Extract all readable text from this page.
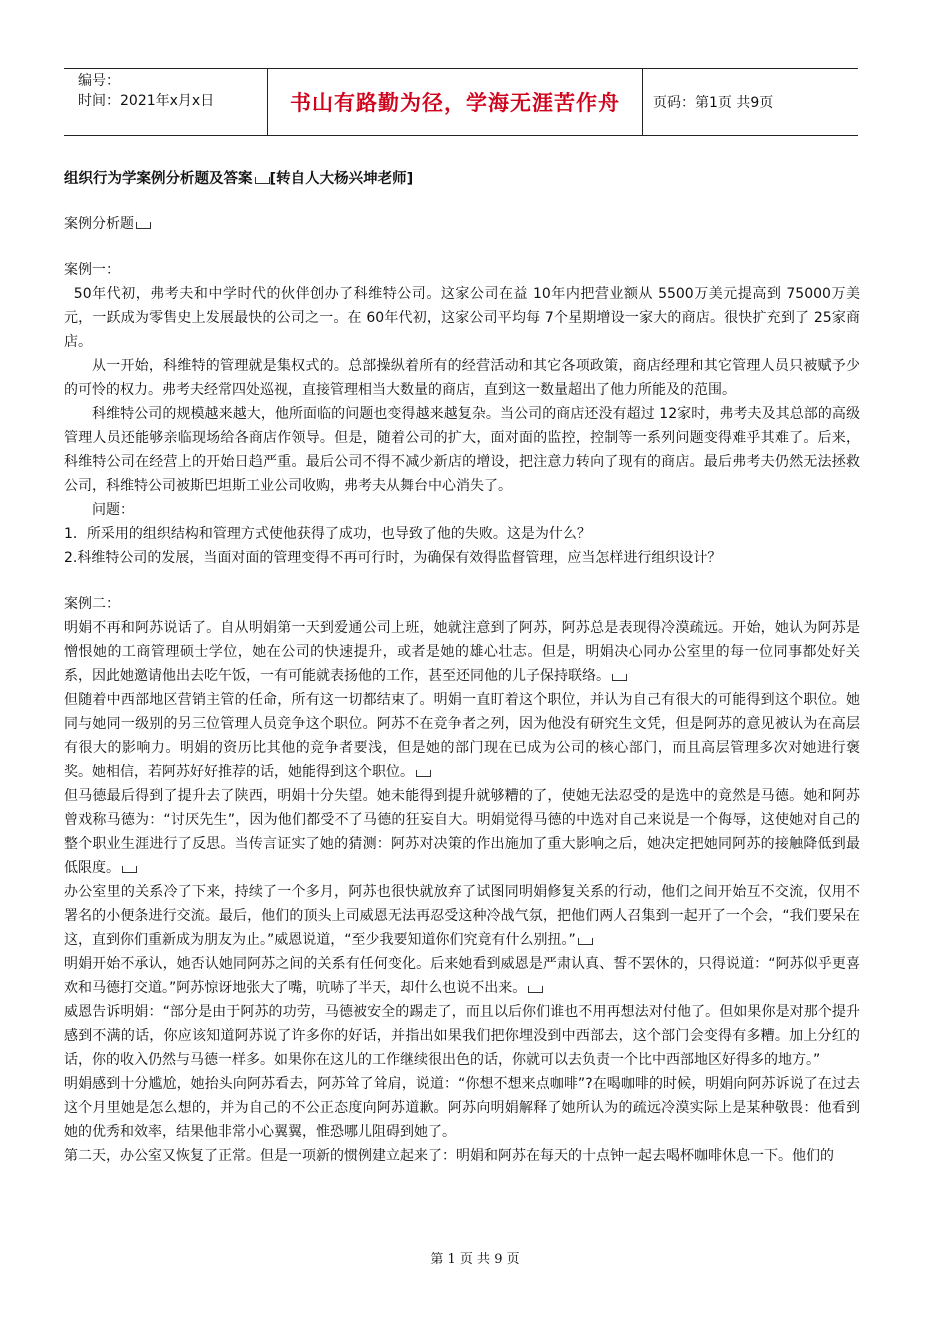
编号：
时间：2021年x月x日	书山有路勤为径，学海无涯苦作舟	页码：第1页 共9页

组织行为学案例分析题及答案 [转自人大杨兴坤老师]

案例分析题

案例一：

50年代初，弗考夫和中学时代的伙伴创办了科维特公司。这家公司在益 10年内把营业额从 5500万美元提高到 75000万美元，一跃成为零售史上发展最快的公司之一。在 60年代初，这家公司平均每 7个星期增设一家大的商店。很快扩充到了 25家商店。

从一开始，科维特的管理就是集权式的。总部操纵着所有的经营活动和其它各项政策，商店经理和其它管理人员只被赋予少的可怜的权力。弗考夫经常四处巡视，直接管理相当大数量的商店，直到这一数量超出了他力所能及的范围。

科维特公司的规模越来越大，他所面临的问题也变得越来越复杂。当公司的商店还没有超过 12家时，弗考夫及其总部的高级管理人员还能够亲临现场给各商店作领导。但是，随着公司的扩大，面对面的监控，控制等一系列问题变得难乎其难了。后来，科维特公司在经营上的开始日趋严重。最后公司不得不减少新店的增设，把注意力转向了现有的商店。最后弗考夫仍然无法拯救公司，科维特公司被斯巴坦斯工业公司收购，弗考夫从舞台中心消失了。

问题：

1．所采用的组织结构和管理方式使他获得了成功，也导致了他的失败。这是为什么？

2.科维特公司的发展，当面对面的管理变得不再可行时，为确保有效得监督管理，应当怎样进行组织设计？

案例二：

明娟不再和阿苏说话了。自从明娟第一天到爱通公司上班，她就注意到了阿苏，阿苏总是表现得冷漠疏远。开始，她认为阿苏是憎恨她的工商管理硕士学位，她在公司的快速提升，或者是她的雄心壮志。但是，明娟决心同办公室里的每一位同事都处好关系，因此她邀请他出去吃午饭，一有可能就表扬他的工作，甚至还同他的儿子保持联络。

但随着中西部地区营销主管的任命，所有这一切都结束了。明娟一直盯着这个职位，并认为自己有很大的可能得到这个职位。她同与她同一级别的另三位管理人员竞争这个职位。阿苏不在竞争者之列，因为他没有研究生文凭，但是阿苏的意见被认为在高层有很大的影响力。明娟的资历比其他的竞争者要浅，但是她的部门现在已成为公司的核心部门，而且高层管理多次对她进行褒奖。她相信，若阿苏好好推荐的话，她能得到这个职位。

但马德最后得到了提升去了陕西，明娟十分失望。她未能得到提升就够糟的了，使她无法忍受的是选中的竟然是马德。她和阿苏曾戏称马德为：“讨厌先生”，因为他们都受不了马德的狂妄自大。明娟觉得马德的中选对自己来说是一个侮辱，这使她对自己的整个职业生涯进行了反思。当传言证实了她的猜测：阿苏对决策的作出施加了重大影响之后，她决定把她同阿苏的接触降低到最低限度。

办公室里的关系冷了下来，持续了一个多月，阿苏也很快就放弃了试图同明娟修复关系的行动，他们之间开始互不交流，仅用不署名的小便条进行交流。最后，他们的顶头上司威恩无法再忍受这种冷战气氛，把他们两人召集到一起开了一个会，“我们要呆在这，直到你们重新成为朋友为止。”威恩说道，“至少我要知道你们究竟有什么别扭。”

明娟开始不承认，她否认她同阿苏之间的关系有任何变化。后来她看到威恩是严肃认真、誓不罢休的，只得说道：“阿苏似乎更喜欢和马德打交道。”阿苏惊讶地张大了嘴，吭哧了半天，却什么也说不出来。

威恩告诉明娟：“部分是由于阿苏的功劳，马德被安全的踢走了，而且以后你们谁也不用再想法对付他了。但如果你是对那个提升感到不满的话，你应该知道阿苏说了许多你的好话，并指出如果我们把你埋没到中西部去，这个部门会变得有多糟。加上分红的话，你的收入仍然与马德一样多。如果你在这儿的工作继续很出色的话，你就可以去负责一个比中西部地区好得多的地方。”

明娟感到十分尴尬，她抬头向阿苏看去，阿苏耸了耸肩，说道：“你想不想来点咖啡”?在喝咖啡的时候，明娟向阿苏诉说了在过去这个月里她是怎么想的，并为自己的不公正态度向阿苏道歉。阿苏向明娟解释了她所认为的疏远冷漠实际上是某种敬畏：他看到她的优秀和效率，结果他非常小心翼翼，惟恐哪儿阻碍到她了。

第二天，办公室又恢复了正常。但是一项新的惯例建立起来了：明娟和阿苏在每天的十点钟一起去喝杯咖啡休息一下。他们的

第 1 页 共 9 页
